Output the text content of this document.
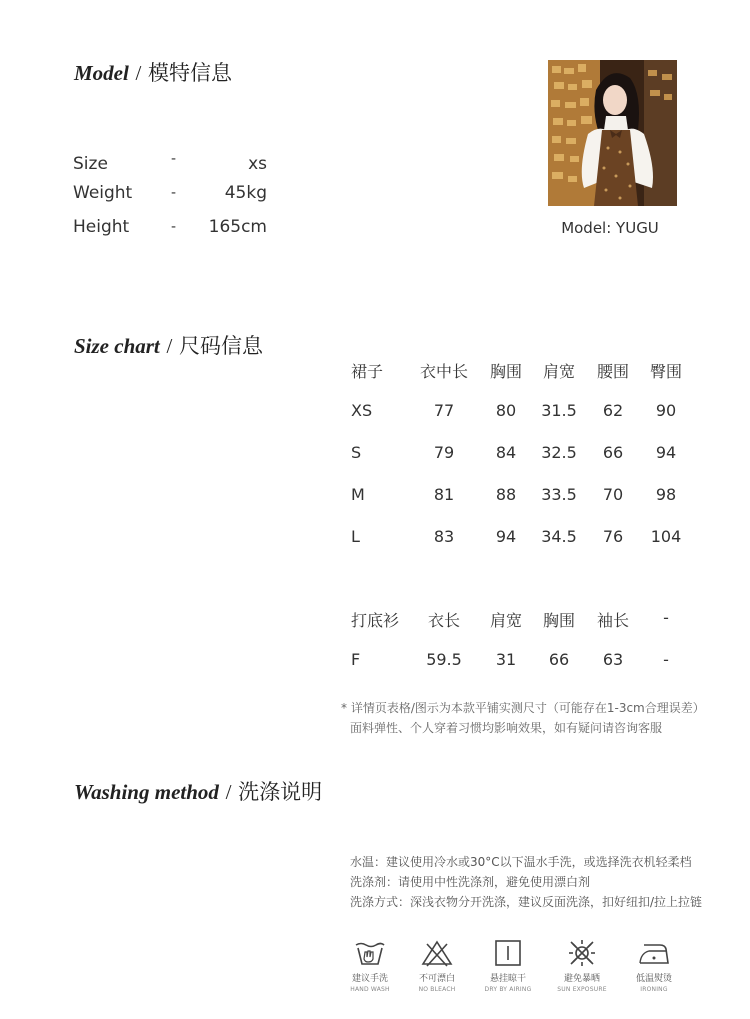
Model / 模特信息
Size	-	xs
Weight	-	45kg
Height	-	165cm	Model: YUGU
Size chart / 尺码信息
裙子	衣中长	胸围	肩宽	腰围	臀围
XS	77	80	31.5	62	90
S	79	84	32.5	66	94
M	81	88	33.5	70	98
L	83	94	34.5	76	104
打底衫	衣长	肩宽	胸围	袖长	-
F	59.5	31	66	63	-
* 详情页表格/图示为本款平铺实测尺寸（可能存在1-3cm合理误差）
面料弹性、个人穿着习惯均影响效果，如有疑问请咨询客服
Washing method / 洗涤说明
水温：建议使用冷水或30°C以下温水手洗，或选择洗衣机轻柔档
洗涤剂：请使用中性洗涤剂，避免使用漂白剂
洗涤方式：深浅衣物分开洗涤，建议反面洗涤，扣好纽扣/拉上拉链
建议手洗
HAND WASH
不可漂白
NO BLEACH
悬挂晾干
DRY BY AIRING
避免暴晒
SUN EXPOSURE
低温熨烫
IRONING
